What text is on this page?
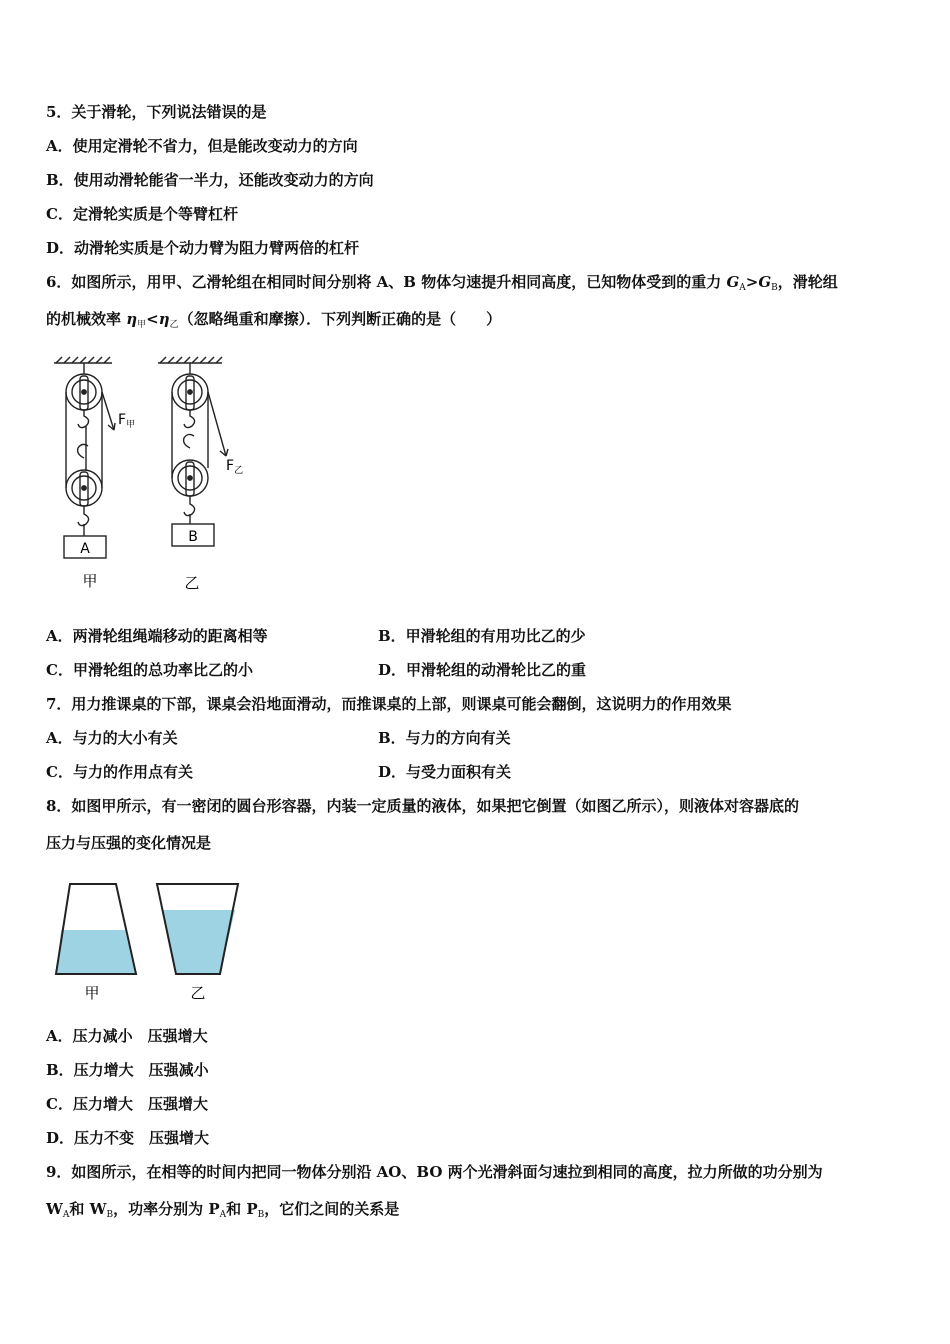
5．关于滑轮，下列说法错误的是
A．使用定滑轮不省力，但是能改变动力的方向
B．使用动滑轮能省一半力，还能改变动力的方向
C．定滑轮实质是个等臂杠杆
D．动滑轮实质是个动力臂为阻力臂两倍的杠杆
6．如图所示，用甲、乙滑轮组在相同时间分别将 A、B 物体匀速提升相同高度，已知物体受到的重力 $G_A>G_B$，滑轮组
的机械效率 $\eta_甲<\eta_乙$（忽略绳重和摩擦）．下列判断正确的是（　　）
$F_甲$
$F_乙$
A
B
甲	乙
A．两滑轮组绳端移动的距离相等	B．甲滑轮组的有用功比乙的少
C．甲滑轮组的总功率比乙的小	D．甲滑轮组的动滑轮比乙的重
7．用力推课桌的下部，课桌会沿地面滑动，而推课桌的上部，则课桌可能会翻倒，这说明力的作用效果
A．与力的大小有关	B．与力的方向有关
C．与力的作用点有关	D．与受力面积有关
8．如图甲所示，有一密闭的圆台形容器，内装一定质量的液体，如果把它倒置（如图乙所示），则液体对容器底的
压力与压强的变化情况是
甲	乙
A．压力减小　压强增大
B．压力增大　压强减小
C．压力增大　压强增大
D．压力不变　压强增大
9．如图所示，在相等的时间内把同一物体分别沿 AO、BO 两个光滑斜面匀速拉到相同的高度，拉力所做的功分别为
$W_A$和 $W_B$，功率分别为 $P_A$和 $P_B$，它们之间的关系是
